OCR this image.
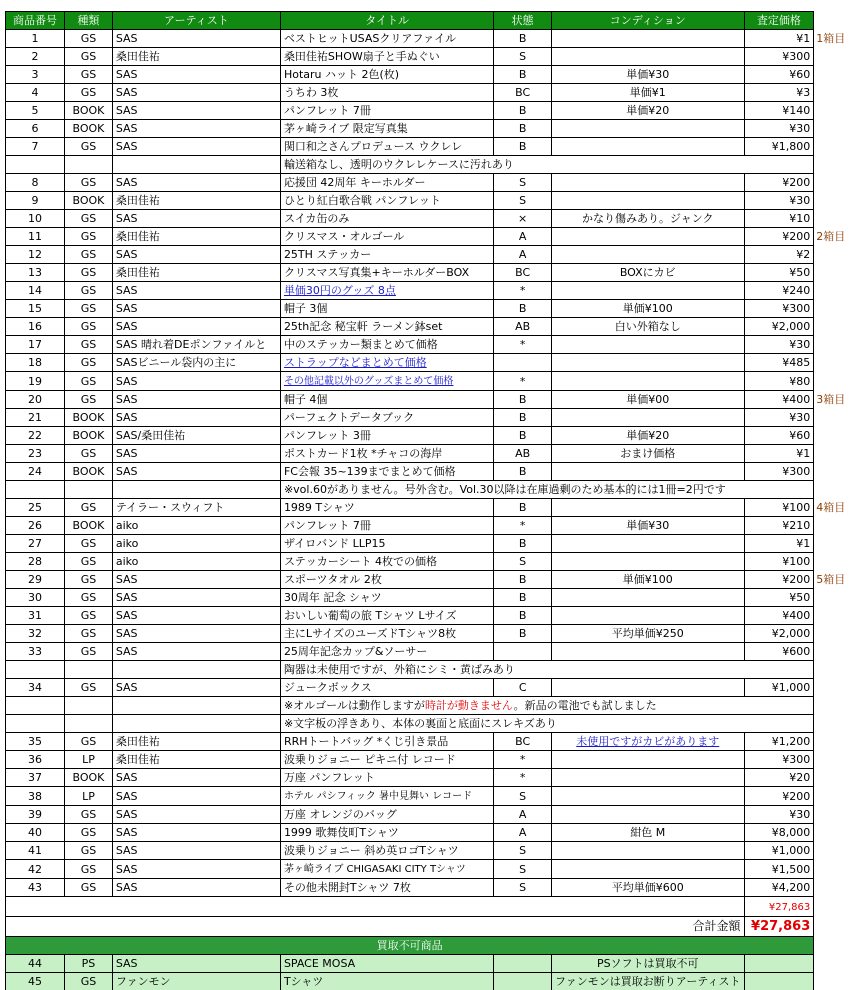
商品番号	種類	アーティスト	タイトル	状態	コンディション	査定価格	
1	GS	SAS	ベストヒットUSASクリアファイル	B		¥1	1箱目
2	GS	桑田佳祐	桑田佳祐SHOW扇子と手ぬぐい	S		¥300	
3	GS	SAS	Hotaru ハット 2色(枚)	B	単価¥30	¥60	
4	GS	SAS	うちわ 3枚	BC	単価¥1	¥3	
5	BOOK	SAS	パンフレット 7冊	B	単価¥20	¥140	
6	BOOK	SAS	茅ヶ崎ライブ 限定写真集	B		¥30	
7	GS	SAS	関口和之さんプロデュース ウクレレ	B		¥1,800	
			輸送箱なし、透明のウクレレケースに汚れあり				
8	GS	SAS	応援団 42周年 キーホルダー	S		¥200	
9	BOOK	桑田佳祐	ひとり紅白歌合戦 パンフレット	S		¥30	
10	GS	SAS	スイカ缶のみ	×	かなり傷みあり。ジャンク	¥10	
11	GS	桑田佳祐	クリスマス・オルゴール	A		¥200	2箱目
12	GS	SAS	25TH ステッカー	A		¥2	
13	GS	桑田佳祐	クリスマス写真集+キーホルダーBOX	BC	BOXにカビ	¥50	
14	GS	SAS	単価30円のグッズ 8点	*		¥240	
15	GS	SAS	帽子 3個	B	単価¥100	¥300	
16	GS	SAS	25th記念 秘宝軒 ラーメン鉢set	AB	白い外箱なし	¥2,000	
17	GS	SAS 晴れ着DEポンファイルと	中のステッカー類まとめて価格	*		¥30	
18	GS	SASビニール袋内の主に	ストラップなどまとめて価格			¥485	
19	GS	SAS	その他記載以外のグッズまとめて価格	*		¥80	
20	GS	SAS	帽子 4個	B	単価¥00	¥400	3箱目
21	BOOK	SAS	パーフェクトデータブック	B		¥30	
22	BOOK	SAS/桑田佳祐	パンフレット 3冊	B	単価¥20	¥60	
23	GS	SAS	ポストカード1枚 *チャコの海岸	AB	おまけ価格	¥1	
24	BOOK	SAS	FC会報 35~139までまとめて価格	B		¥300	
			※vol.60がありません。号外含む。Vol.30以降は在庫過剰のため基本的には1冊=2円です				
25	GS	テイラー・スウィフト	1989 Tシャツ	B		¥100	4箱目
26	BOOK	aiko	パンフレット 7冊	*	単価¥30	¥210	
27	GS	aiko	ザイロバンド LLP15	B		¥1	
28	GS	aiko	ステッカーシート 4枚での価格	S		¥100	
29	GS	SAS	スポーツタオル 2枚	B	単価¥100	¥200	5箱目
30	GS	SAS	30周年 記念 シャツ	B		¥50	
31	GS	SAS	おいしい葡萄の旅 Tシャツ Lサイズ	B		¥400	
32	GS	SAS	主にLサイズのユーズドTシャツ8枚	B	平均単価¥250	¥2,000	
33	GS	SAS	25周年記念カップ&ソーサー			¥600	
			陶器は未使用ですが、外箱にシミ・黄ばみあり				
34	GS	SAS	ジュークボックス	C		¥1,000	
			※オルゴールは動作しますが時計が動きません。新品の電池でも試しました				
			※文字板の浮きあり、本体の裏面と底面にスレキズあり				
35	GS	桑田佳祐	RRHトートバッグ *くじ引き景品	BC	未使用ですがカビがあります	¥1,200	
36	LP	桑田佳祐	波乗りジョニー ピキニ付 レコード	*		¥300	
37	BOOK	SAS	万座 パンフレット	*		¥20	
38	LP	SAS	ホテル パシフィック 暑中見舞い レコード	S		¥200	
39	GS	SAS	万座 オレンジのバッグ	A		¥30	
40	GS	SAS	1999 歌舞伎町Tシャツ	A	紺色 M	¥8,000	
41	GS	SAS	波乗りジョニー 斜め英ロゴTシャツ	S		¥1,000	
42	GS	SAS	茅ヶ崎ライブ CHIGASAKI CITY Tシャツ	S		¥1,500	
43	GS	SAS	その他未開封Tシャツ 7枚	S	平均単価¥600	¥4,200	
						¥27,863	
合計金額						¥27,863	
買取不可商品							
44	PS	SAS	SPACE MOSA		PSソフトは買取不可		
45	GS	ファンモン	Tシャツ		ファンモンは買取お断りアーティスト		
